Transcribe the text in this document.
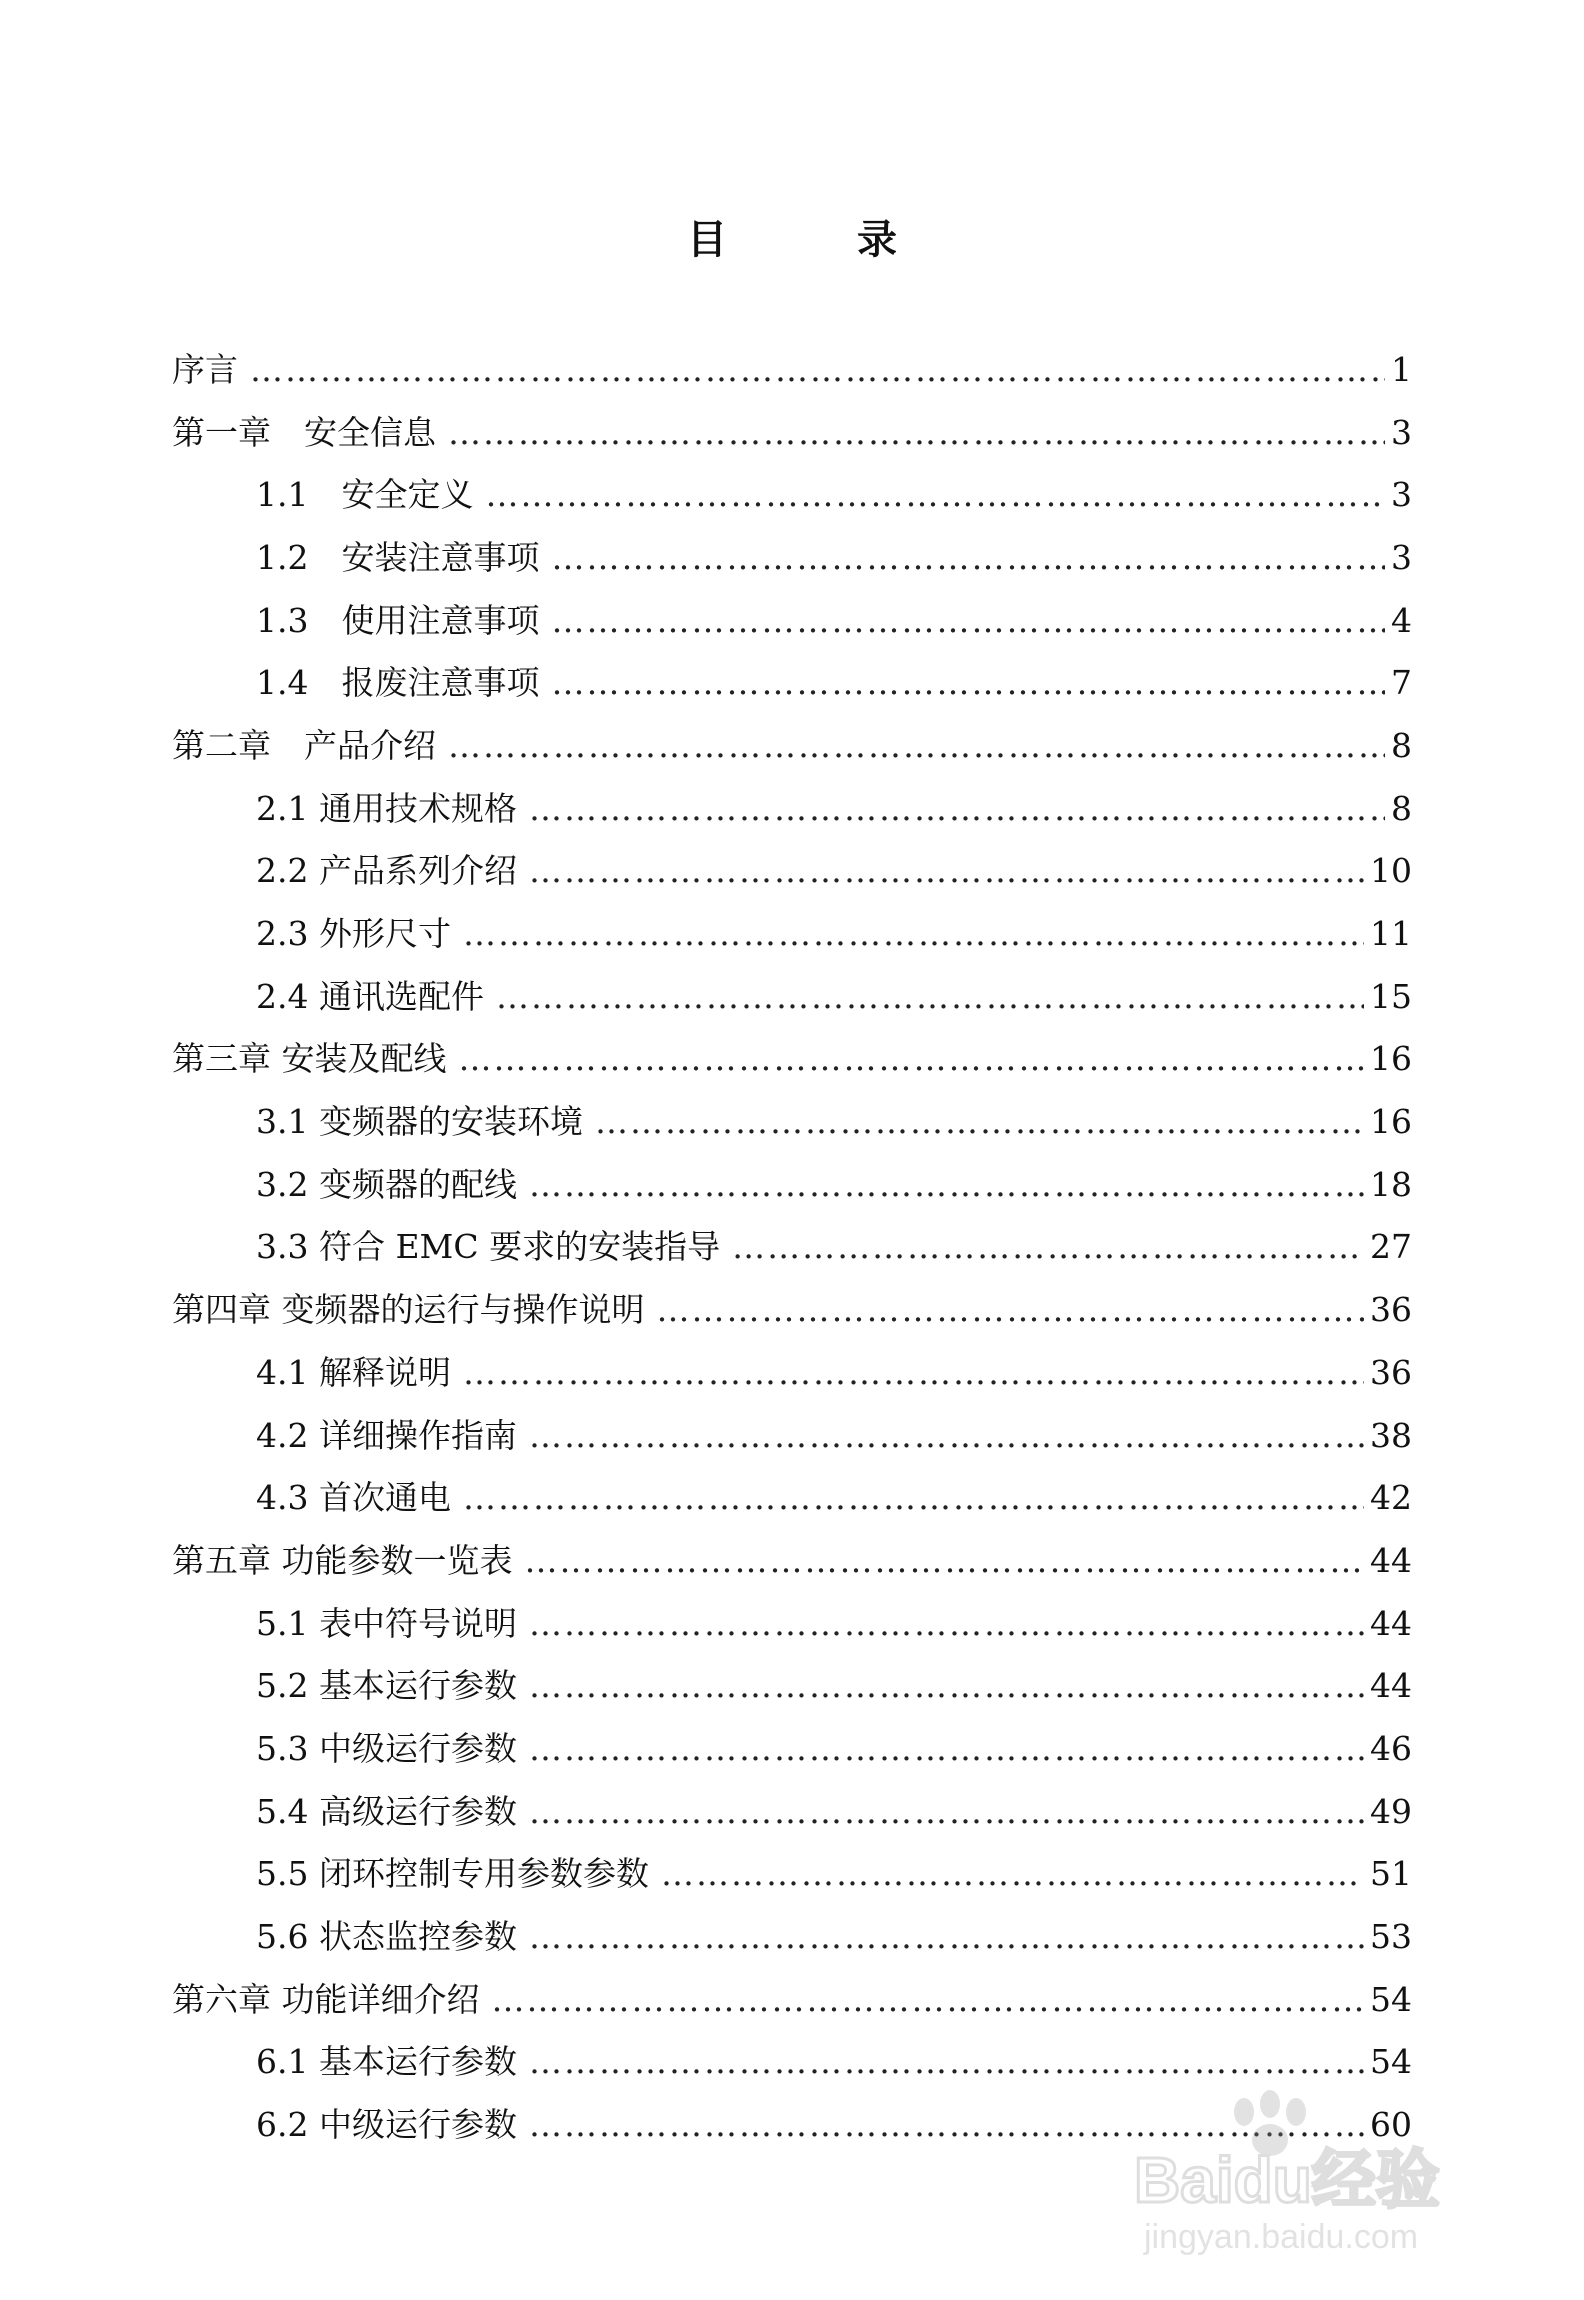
目 录
序言 …………………………………………………………………………………………………………………………………………………………………………	1
第一章　安全信息 …………………………………………………………………………………………………………………………………………………………………………	3
1.1　安全定义 …………………………………………………………………………………………………………………………………………………………………………	3
1.2　安装注意事项 …………………………………………………………………………………………………………………………………………………………………………	3
1.3　使用注意事项 …………………………………………………………………………………………………………………………………………………………………………	4
1.4　报废注意事项 …………………………………………………………………………………………………………………………………………………………………………	7
第二章　产品介绍 …………………………………………………………………………………………………………………………………………………………………………	8
2.1 通用技术规格 …………………………………………………………………………………………………………………………………………………………………………	8
2.2 产品系列介绍 …………………………………………………………………………………………………………………………………………………………………………	10
2.3 外形尺寸 …………………………………………………………………………………………………………………………………………………………………………	11
2.4 通讯选配件 …………………………………………………………………………………………………………………………………………………………………………	15
第三章 安装及配线 …………………………………………………………………………………………………………………………………………………………………………	16
3.1 变频器的安装环境 …………………………………………………………………………………………………………………………………………………………………………	16
3.2 变频器的配线 …………………………………………………………………………………………………………………………………………………………………………	18
3.3 符合 EMC 要求的安装指导 …………………………………………………………………………………………………………………………………………………………………………	27
第四章 变频器的运行与操作说明 …………………………………………………………………………………………………………………………………………………………………………	36
4.1 解释说明 …………………………………………………………………………………………………………………………………………………………………………	36
4.2 详细操作指南 …………………………………………………………………………………………………………………………………………………………………………	38
4.3 首次通电 …………………………………………………………………………………………………………………………………………………………………………	42
第五章 功能参数一览表 …………………………………………………………………………………………………………………………………………………………………………	44
5.1 表中符号说明 …………………………………………………………………………………………………………………………………………………………………………	44
5.2 基本运行参数 …………………………………………………………………………………………………………………………………………………………………………	44
5.3 中级运行参数 …………………………………………………………………………………………………………………………………………………………………………	46
5.4 高级运行参数 …………………………………………………………………………………………………………………………………………………………………………	49
5.5 闭环控制专用参数参数 …………………………………………………………………………………………………………………………………………………………………………	51
5.6 状态监控参数 …………………………………………………………………………………………………………………………………………………………………………	53
第六章 功能详细介绍 …………………………………………………………………………………………………………………………………………………………………………	54
6.1 基本运行参数 …………………………………………………………………………………………………………………………………………………………………………	54
6.2 中级运行参数 …………………………………………………………………………………………………………………………………………………………………………	60
Baidu经验
jingyan.baidu.com
